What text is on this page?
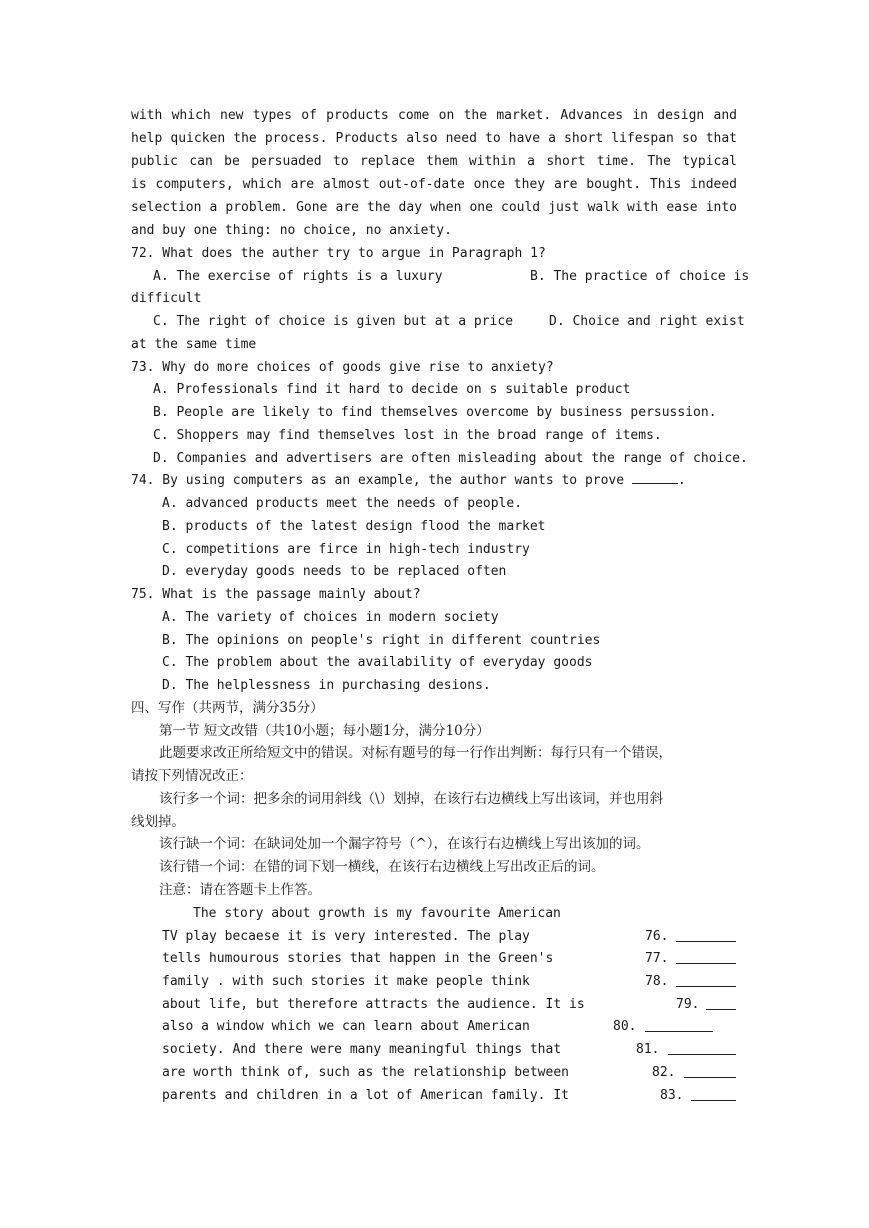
with which new types of products come on the market. Advances in design and
help quicken the process. Products also need to have a short lifespan so that
public can be persuaded to replace them within a short time. The typical
is computers, which are almost out-of-date once they are bought. This indeed
selection a problem. Gone are the day when one could just walk with ease into
and buy one thing: no choice, no anxiety.
72. What does the auther try to argue in Paragraph 1?
A. The exercise of rights is a luxury	B. The practice of choice is
difficult
C. The right of choice is given but at a price	D. Choice and right exist
at the same time
73. Why do more choices of goods give rise to anxiety?
A. Professionals find it hard to decide on s suitable product
B. People are likely to find themselves overcome by business persussion.
C. Shoppers may find themselves lost in the broad range of items.
D. Companies and advertisers are often misleading about the range of choice.
74. By using computers as an example, the author wants to prove	.
A. advanced products meet the needs of people.
B. products of the latest design flood the market
C. competitions are firce in high-tech industry
D. everyday goods needs to be replaced often
75. What is the passage mainly about?
A. The variety of choices in modern society
B. The opinions on people's right in different countries
C. The problem about the availability of everyday goods
D. The helplessness in purchasing desions.
四、写作（共两节，满分35分）
第一节 短文改错（共10小题；每小题1分，满分10分）
此题要求改正所给短文中的错误。对标有题号的每一行作出判断：每行只有一个错误，
请按下列情况改正：
该行多一个词：把多余的词用斜线（\）划掉，在该行右边横线上写出该词，并也用斜
线划掉。
该行缺一个词：在缺词处加一个漏字符号（^），在该行右边横线上写出该加的词。
该行错一个词：在错的词下划一横线，在该行右边横线上写出改正后的词。
注意：请在答题卡上作答。
The story about growth is my favourite American
TV play becaese it is very interested. The play
tells humourous stories that happen in the Green's
family . with such stories it make people think
about life, but therefore attracts the audience. It is
also a window which we can learn about American
society. And there were many meaningful things that
are worth think of, such as the relationship between
parents and children in a lot of American family. It
76.
77.
78.
79.
80.
81.
82.
83.
